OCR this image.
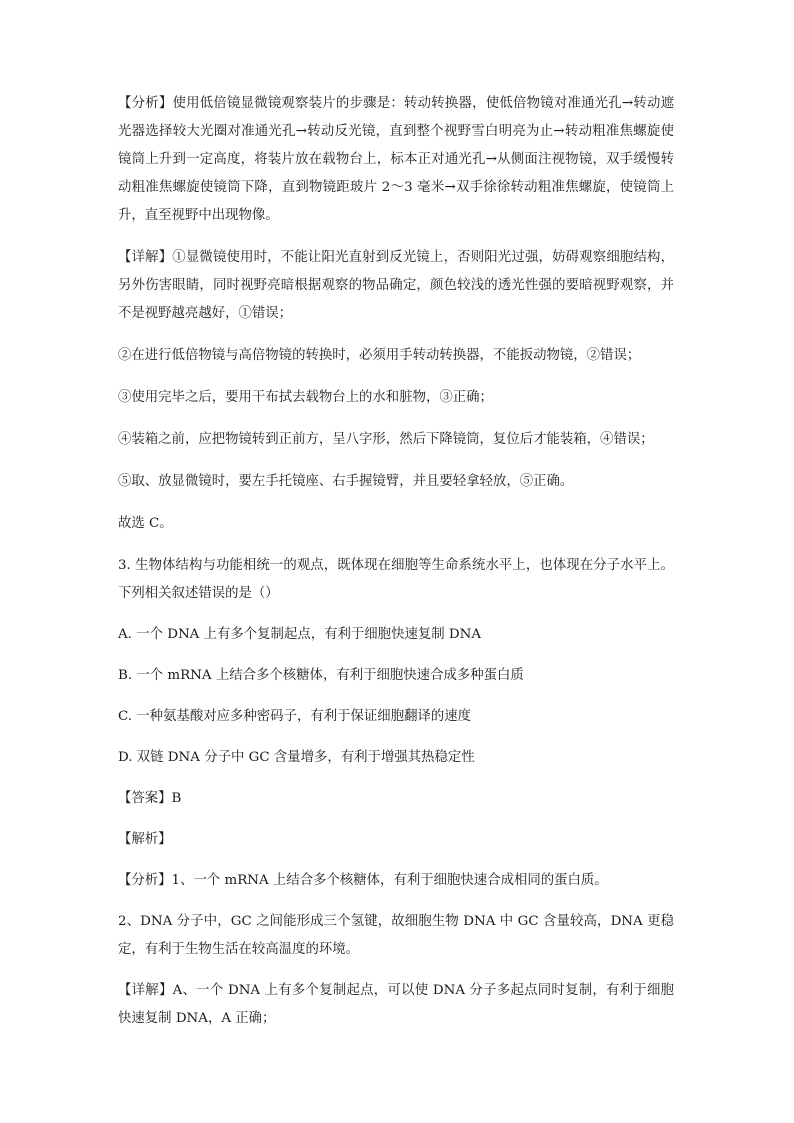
【分析】使用低倍镜显微镜观察装片的步骤是：转动转换器，使低倍物镜对准通光孔→转动遮光器选择较大光圈对准通光孔→转动反光镜，直到整个视野雪白明亮为止→转动粗准焦螺旋使镜筒上升到一定高度，将装片放在载物台上，标本正对通光孔→从侧面注视物镜，双手缓慢转动粗准焦螺旋使镜筒下降，直到物镜距玻片 2～3 毫米→双手徐徐转动粗准焦螺旋，使镜筒上升，直至视野中出现物像。

【详解】①显微镜使用时，不能让阳光直射到反光镜上，否则阳光过强，妨碍观察细胞结构，另外伤害眼睛，同时视野亮暗根据观察的物品确定，颜色较浅的透光性强的要暗视野观察，并不是视野越亮越好，①错误；

②在进行低倍物镜与高倍物镜的转换时，必须用手转动转换器，不能扳动物镜，②错误；

③使用完毕之后，要用干布拭去载物台上的水和脏物，③正确；

④装箱之前，应把物镜转到正前方，呈八字形，然后下降镜筒，复位后才能装箱，④错误；

⑤取、放显微镜时，要左手托镜座、右手握镜臂，并且要轻拿轻放，⑤正确。

故选 C。

3. 生物体结构与功能相统一的观点，既体现在细胞等生命系统水平上，也体现在分子水平上。下列相关叙述错误的是（）

A. 一个 DNA 上有多个复制起点，有利于细胞快速复制 DNA

B. 一个 mRNA 上结合多个核糖体，有利于细胞快速合成多种蛋白质

C. 一种氨基酸对应多种密码子，有利于保证细胞翻译的速度

D. 双链 DNA 分子中 GC 含量增多，有利于增强其热稳定性

【答案】B

【解析】

【分析】1、一个 mRNA 上结合多个核糖体，有利于细胞快速合成相同的蛋白质。

2、DNA 分子中，GC 之间能形成三个氢键，故细胞生物 DNA 中 GC 含量较高，DNA 更稳定，有利于生物生活在较高温度的环境。

【详解】A、一个 DNA 上有多个复制起点，可以使 DNA 分子多起点同时复制，有利于细胞快速复制 DNA，A 正确；
